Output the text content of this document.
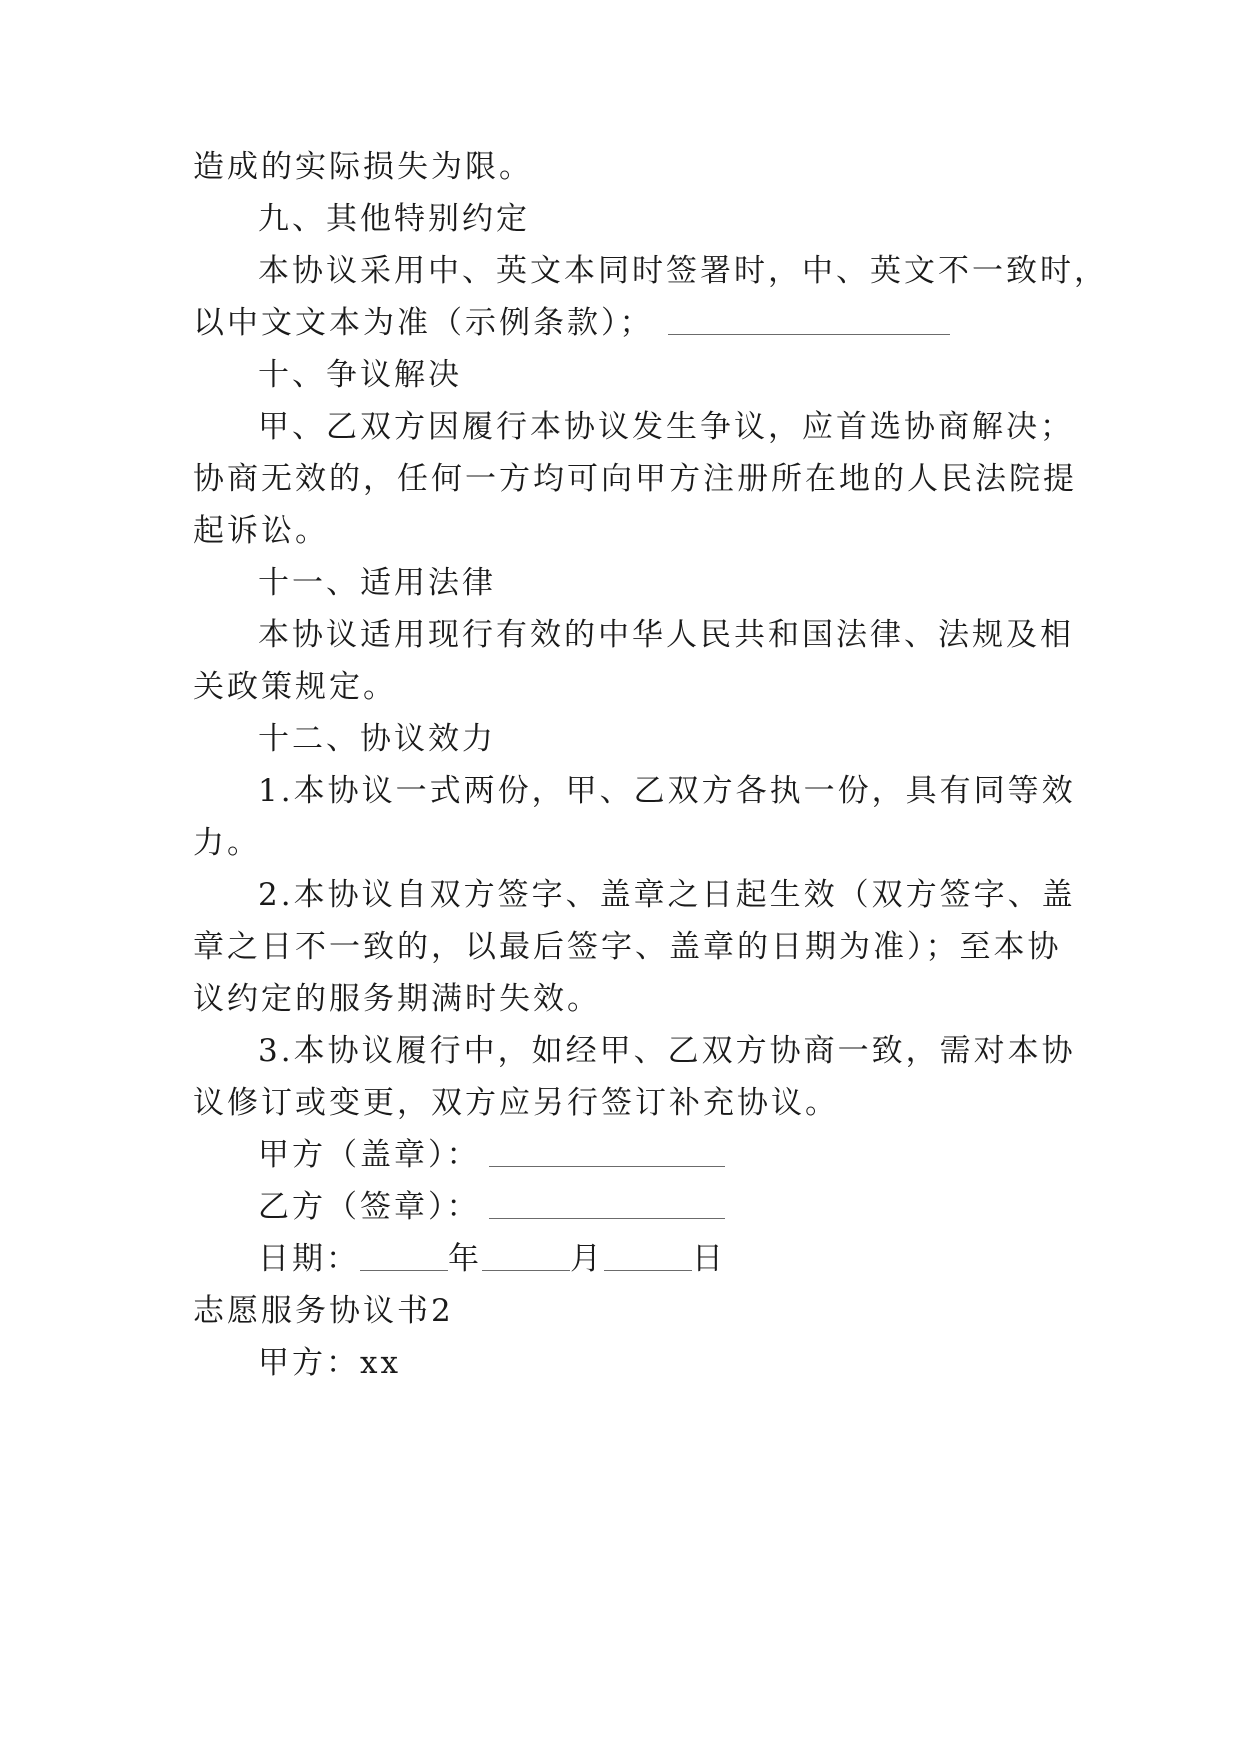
造成的实际损失为限。
九、其他特别约定
本协议采用中、英文本同时签署时，中、英文不一致时，
以中文文本为准（示例条款）；
十、争议解决
甲、乙双方因履行本协议发生争议，应首选协商解决；
协商无效的，任何一方均可向甲方注册所在地的人民法院提
起诉讼。
十一、适用法律
本协议适用现行有效的中华人民共和国法律、法规及相
关政策规定。
十二、协议效力
1.本协议一式两份，甲、乙双方各执一份，具有同等效
力。
2.本协议自双方签字、盖章之日起生效（双方签字、盖
章之日不一致的，以最后签字、盖章的日期为准）；至本协
议约定的服务期满时失效。
3.本协议履行中，如经甲、乙双方协商一致，需对本协
议修订或变更，双方应另行签订补充协议。
甲方（盖章）：
乙方（签章）：
日期：	年	月	日
志愿服务协议书2
甲方：xx
